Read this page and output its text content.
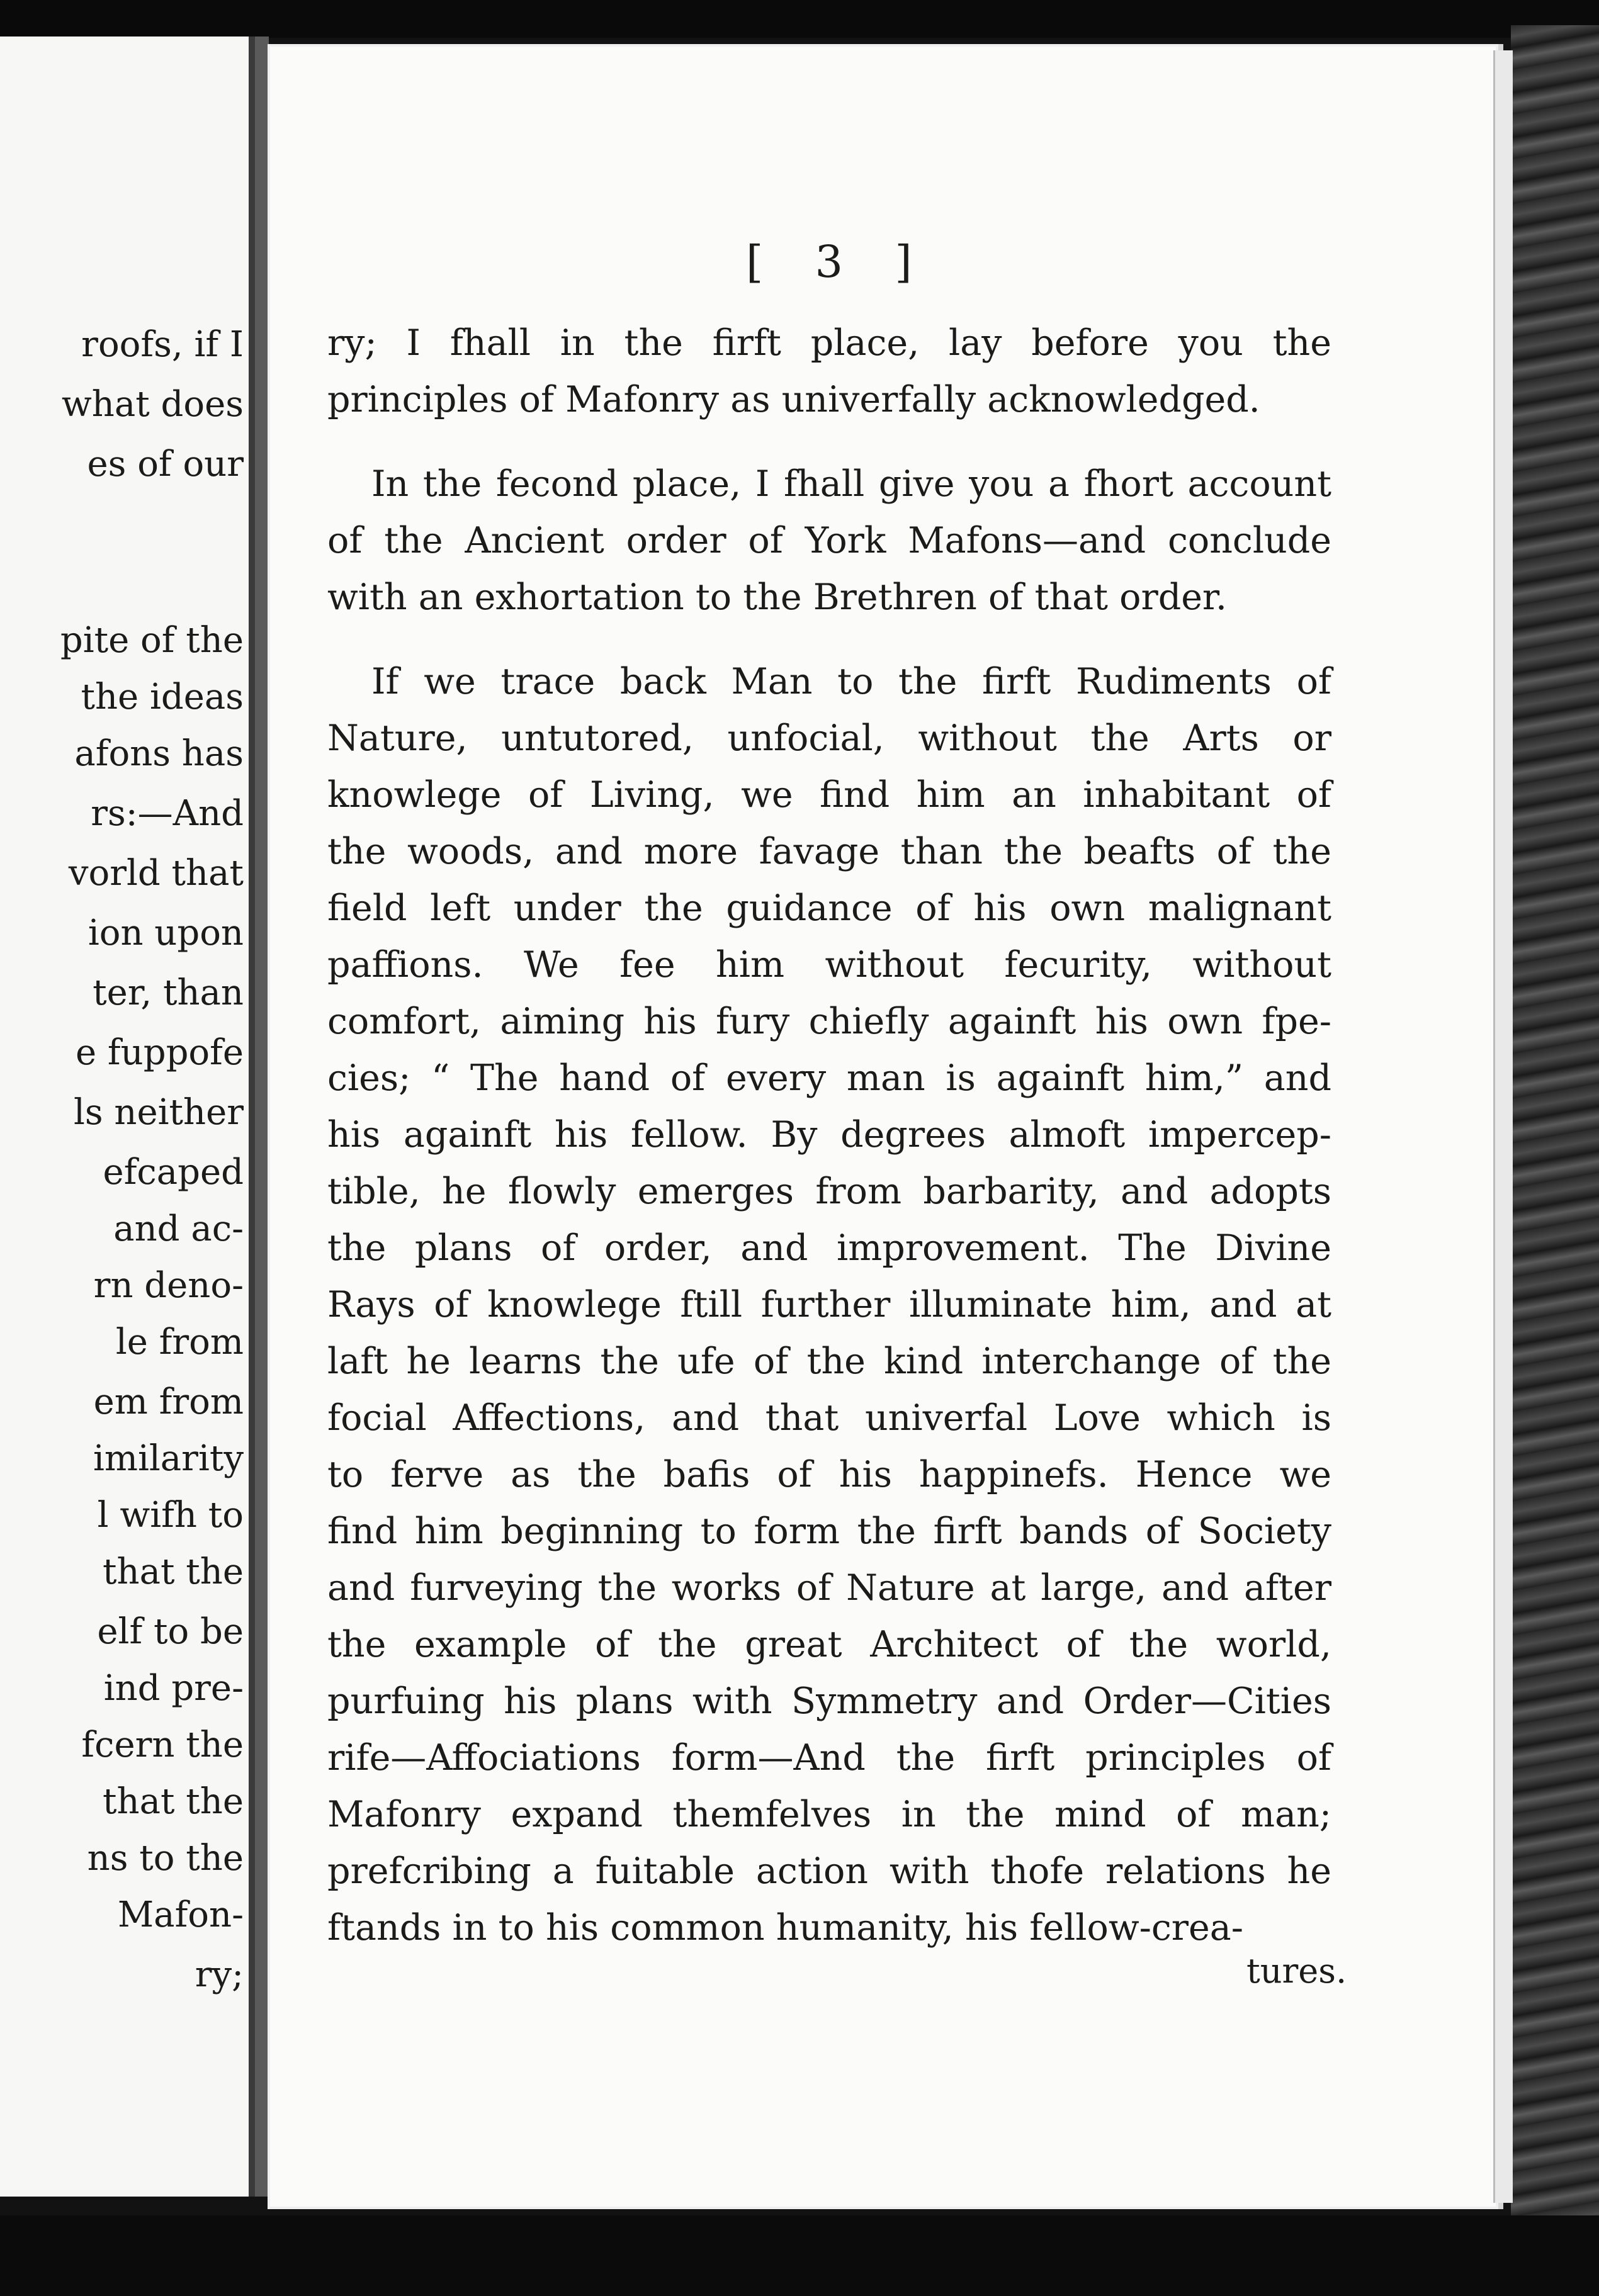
roofs, if I
what does
es of our
pite of the
the ideas
afons has
rs:—And
vorld that
ion upon
ter, than
e fuppofe
ls neither
efcaped
and ac-
rn deno-
le from
em from
imilarity
l wifh to
that the
elf to be
ind pre-
fcern the
that the
ns to the
Mafon-
ry;
[ 3 ]
ry; I fhall in the firft place, lay before you the
principles of Mafonry as univerfally acknowledged.
In the fecond place, I fhall give you a fhort account
of the Ancient order of York Mafons—and conclude
with an exhortation to the Brethren of that order.
If we trace back Man to the firft Rudiments of
Nature, untutored, unfocial, without the Arts or
knowlege of Living, we find him an inhabitant of
the woods, and more favage than the beafts of the
field left under the guidance of his own malignant
paffions. We fee him without fecurity, without
comfort, aiming his fury chiefly againft his own fpe-
cies; “ The hand of every man is againft him,” and
his againft his fellow. By degrees almoft impercep-
tible, he flowly emerges from barbarity, and adopts
the plans of order, and improvement. The Divine
Rays of knowlege ftill further illuminate him, and at
laft he learns the ufe of the kind interchange of the
focial Affections, and that univerfal Love which is
to ferve as the bafis of his happinefs. Hence we
find him beginning to form the firft bands of Society
and furveying the works of Nature at large, and after
the example of the great Architect of the world,
purfuing his plans with Symmetry and Order—Cities
rife—Affociations form—And the firft principles of
Mafonry expand themfelves in the mind of man;
prefcribing a fuitable action with thofe relations he
ftands in to his common humanity, his fellow-crea-
tures.
